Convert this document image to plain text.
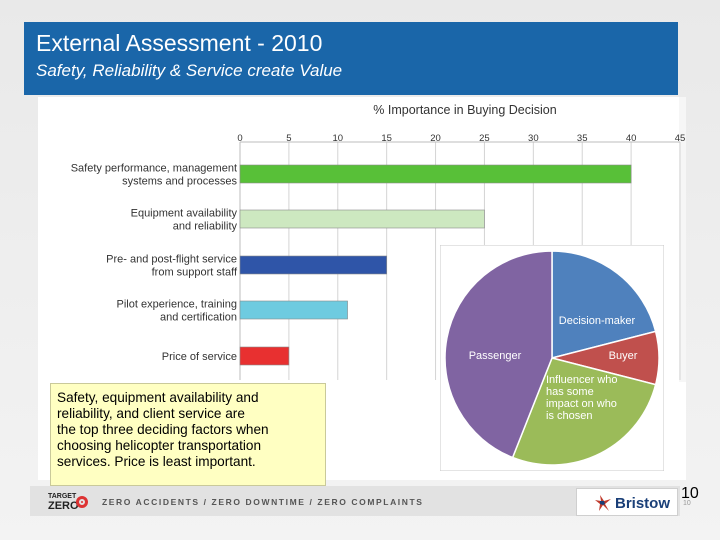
External Assessment - 2010
Safety, Reliability & Service create Value
% Importance in Buying Decision
0	5	10	15	20	25	30	35	40	45
Safety performance, management
systems and processes
Equipment availability
and reliability
Pre- and post-flight service
from support staff
Pilot experience, training
and certification
Price of service
Decision-maker
Buyer
Influencer who
has some
impact on who
is chosen
Passenger
Safety, equipment availability and
reliability, and client service are
the top three deciding factors when
choosing helicopter transportation
services. Price is least important.
TARGET
ZERO	ZERO ACCIDENTS / ZERO DOWNTIME / ZERO COMPLAINTS	Bristow
10
10
